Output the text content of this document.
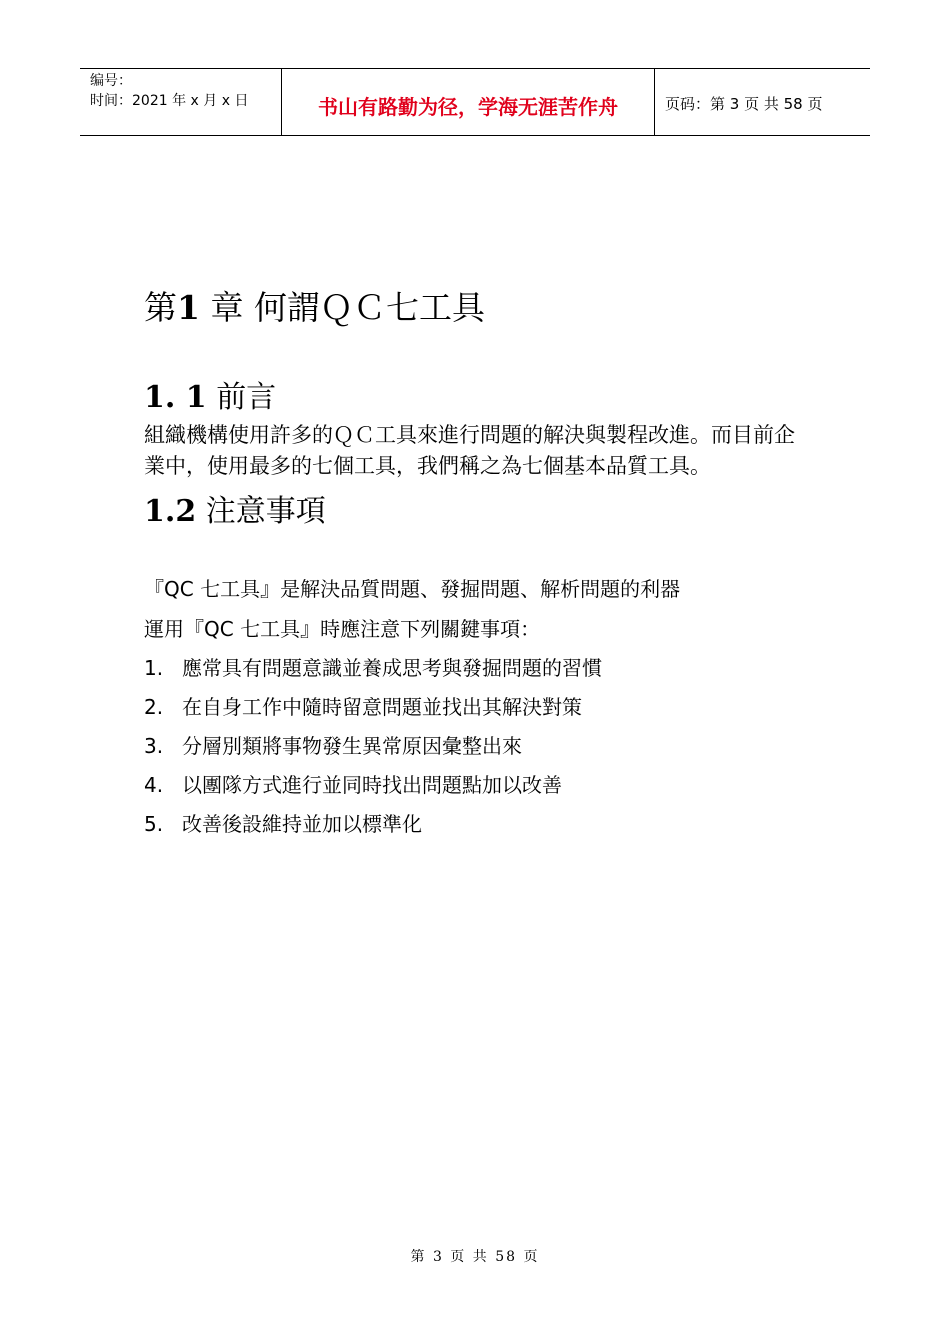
编号：
时间：2021 年 x 月 x 日	书山有路勤为径，学海无涯苦作舟	页码：第 3 页 共 58 页
第1 章 何謂ＱＣ七工具
1. 1 前言

組織機構使用許多的ＱＣ工具來進行問題的解決與製程改進。而目前企業中，使用最多的七個工具，我們稱之為七個基本品質工具。

1.2 注意事項

『QC 七工具』是解決品質問題、發掘問題、解析問題的利器

運用『QC 七工具』時應注意下列關鍵事項：

1. 應常具有問題意識並養成思考與發掘問題的習慣
2. 在自身工作中隨時留意問題並找出其解決對策
3. 分層別類將事物發生異常原因彙整出來
4. 以團隊方式進行並同時找出問題點加以改善
5. 改善後設維持並加以標準化
第 3 页 共 58 页
